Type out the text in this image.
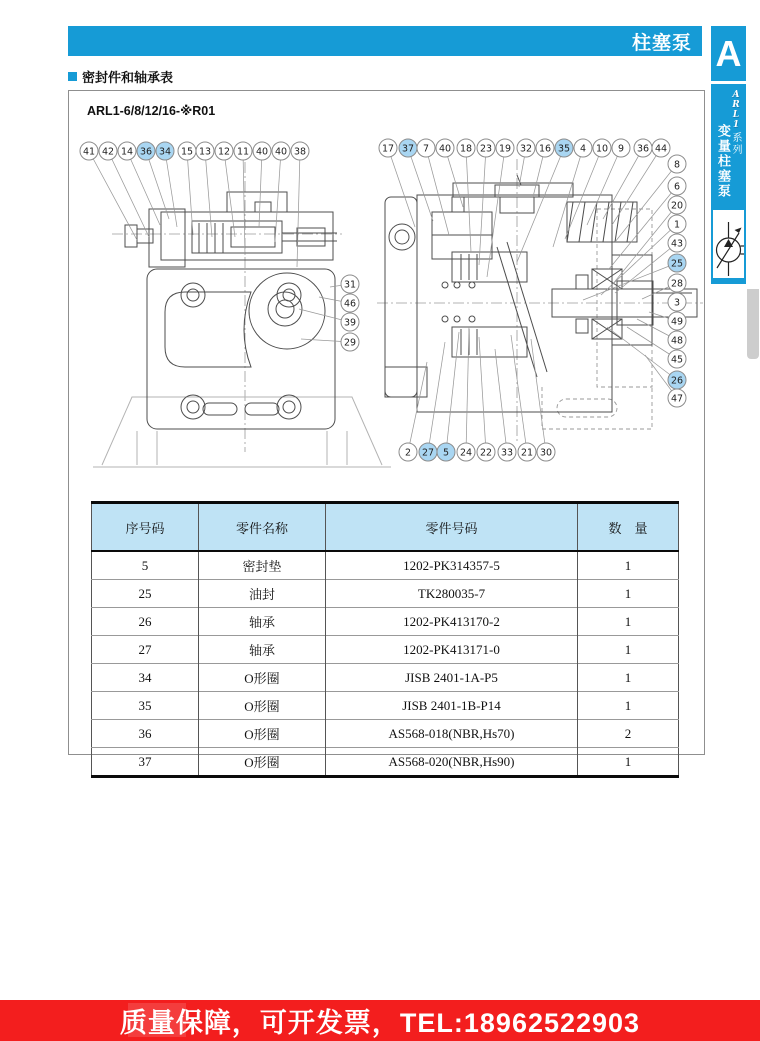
柱塞泵 A
A
R
L
1
系列
变量柱塞泵
密封件和轴承表
ARL1-6/8/12/16-※R01
41 42 14 36 34 15 13 12 11 40 40 38
31
46
39
29
17 37 7 40 18 23 19 32 16 35 4 10 9 36 44
8
6
20
1
43
25
28
3
49
48
45
26
47
2 27 5 24 22 33 21 30
序号码	零件名称	零件号码	数　量
5	密封垫	1202-PK314357-5	1
25	油封	TK280035-7	1
26	轴承	1202-PK413170-2	1
27	轴承	1202-PK413171-0	1
34	O形圈	JISB 2401-1A-P5	1
35	O形圈	JISB 2401-1B-P14	1
36	O形圈	AS568-018(NBR,Hs70)	2
37	O形圈	AS568-020(NBR,Hs90)	1
质量保障，可开发票，TEL:18962522903
